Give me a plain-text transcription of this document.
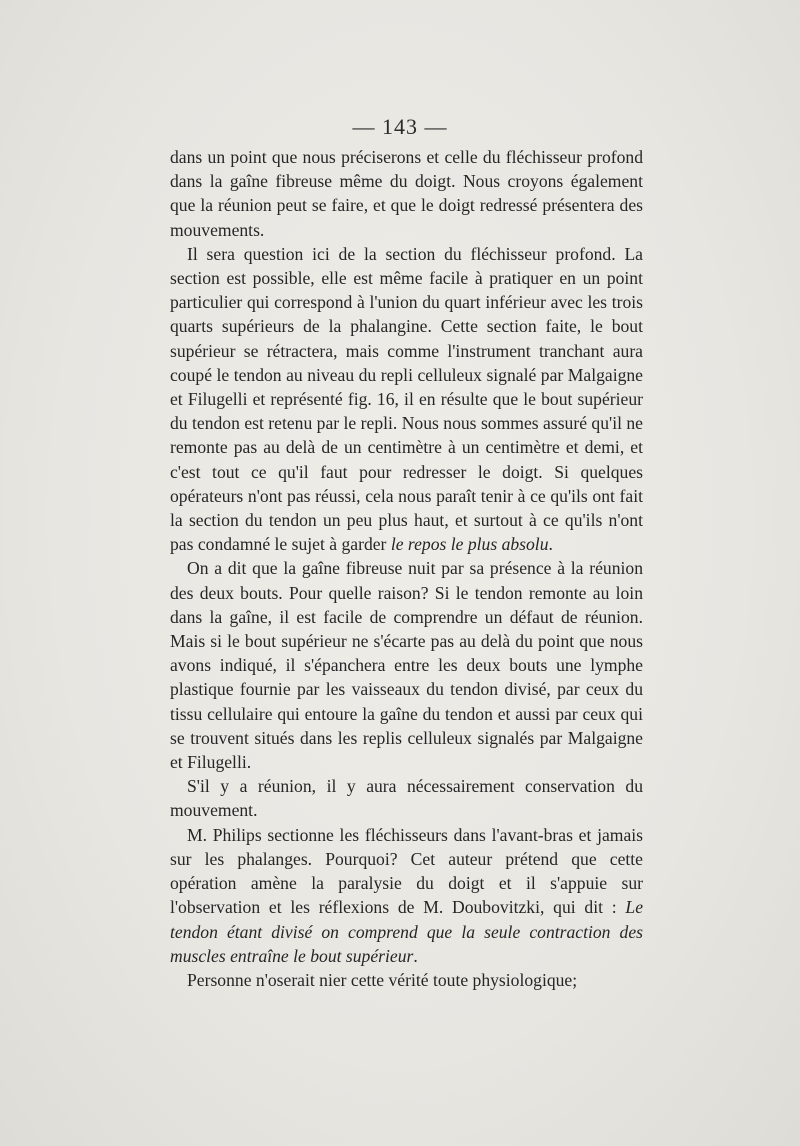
— 143 —

dans un point que nous préciserons et celle du fléchisseur profond dans la gaîne fibreuse même du doigt. Nous croyons également que la réunion peut se faire, et que le doigt redressé présentera des mouvements.

Il sera question ici de la section du fléchisseur profond. La section est possible, elle est même facile à pratiquer en un point particulier qui correspond à l'union du quart inférieur avec les trois quarts supérieurs de la phalangine. Cette section faite, le bout supérieur se rétractera, mais comme l'instrument tranchant aura coupé le tendon au niveau du repli celluleux signalé par Malgaigne et Filugelli et représenté fig. 16, il en résulte que le bout supérieur du tendon est retenu par le repli. Nous nous sommes assuré qu'il ne remonte pas au delà de un centimètre à un centimètre et demi, et c'est tout ce qu'il faut pour redresser le doigt. Si quelques opérateurs n'ont pas réussi, cela nous paraît tenir à ce qu'ils ont fait la section du tendon un peu plus haut, et surtout à ce qu'ils n'ont pas condamné le sujet à garder le repos le plus absolu.

On a dit que la gaîne fibreuse nuit par sa présence à la réunion des deux bouts. Pour quelle raison? Si le tendon remonte au loin dans la gaîne, il est facile de comprendre un défaut de réunion. Mais si le bout supérieur ne s'écarte pas au delà du point que nous avons indiqué, il s'épanchera entre les deux bouts une lymphe plastique fournie par les vaisseaux du tendon divisé, par ceux du tissu cellulaire qui entoure la gaîne du tendon et aussi par ceux qui se trouvent situés dans les replis celluleux signalés par Malgaigne et Filugelli.

S'il y a réunion, il y aura nécessairement conservation du mouvement.

M. Philips sectionne les fléchisseurs dans l'avant-bras et jamais sur les phalanges. Pourquoi? Cet auteur prétend que cette opération amène la paralysie du doigt et il s'appuie sur l'observation et les réflexions de M. Doubovitzki, qui dit : Le tendon étant divisé on comprend que la seule contraction des muscles entraîne le bout supérieur.

Personne n'oserait nier cette vérité toute physiologique;
